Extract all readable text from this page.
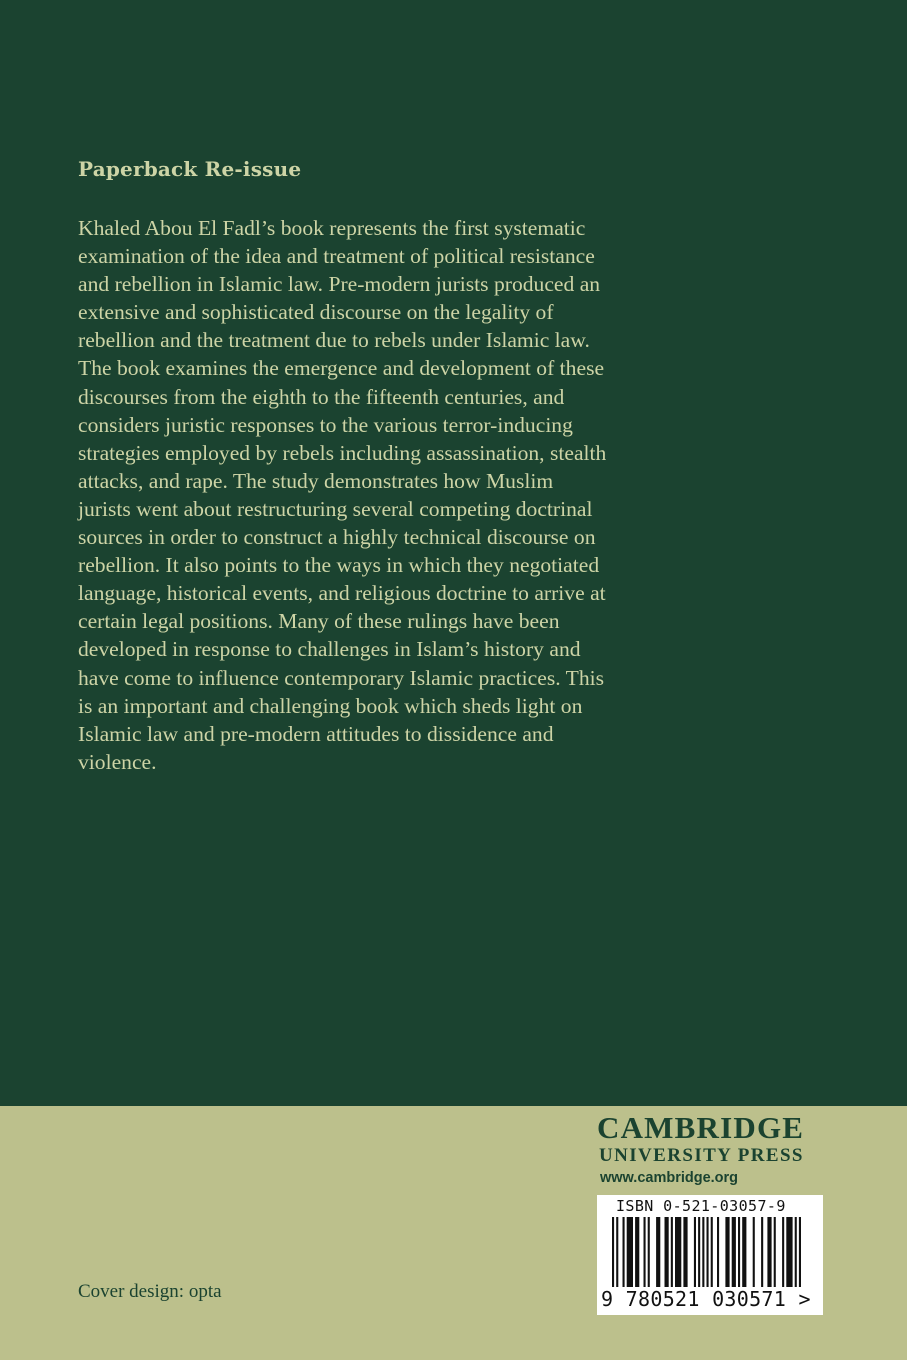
Paperback Re-issue

Khaled Abou El Fadl’s book represents the first systematic examination of the idea and treatment of political resistance and rebellion in Islamic law. Pre-modern jurists produced an extensive and sophisticated discourse on the legality of rebellion and the treatment due to rebels under Islamic law. The book examines the emergence and development of these discourses from the eighth to the fifteenth centuries, and considers juristic responses to the various terror-inducing strategies employed by rebels including assassination, stealth attacks, and rape. The study demonstrates how Muslim jurists went about restructuring several competing doctrinal sources in order to construct a highly technical discourse on rebellion. It also points to the ways in which they negotiated language, historical events, and religious doctrine to arrive at certain legal positions. Many of these rulings have been developed in response to challenges in Islam’s history and have come to influence contemporary Islamic practices. This is an important and challenging book which sheds light on Islamic law and pre-modern attitudes to dissidence and violence.

Cover design: opta
CAMBRIDGE
UNIVERSITY PRESS
www.cambridge.org
ISBN 0-521-03057-9
9 780521 030571 >
